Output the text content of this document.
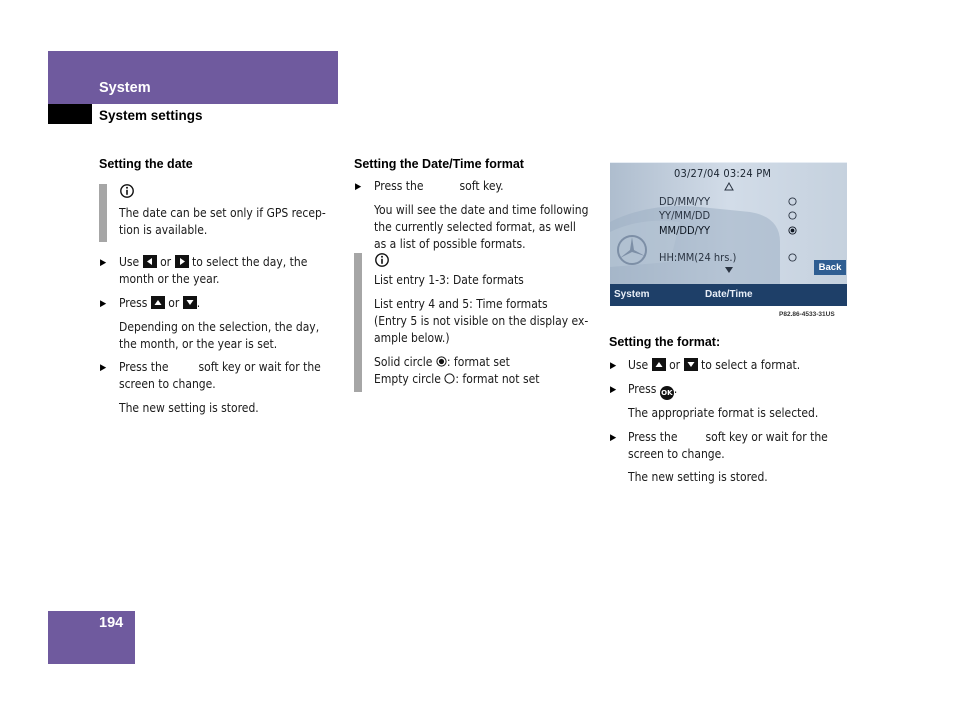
System
System settings
Setting the date
The date can be set only if GPS recep-
tion is available.
▶ Use or to select the day, the
month or the year.
▶ Press or .
Depending on the selection, the day,
the month, or the year is set.
▶ Press the	soft key or wait for the
screen to change.
The new setting is stored.
Setting the Date/Time format
▶ Press the	soft key.
You will see the date and time following
the currently selected format, as well
as a list of possible formats.
List entry 1-3: Date formats
List entry 4 and 5: Time formats
(Entry 5 is not visible on the display ex-
ample below.)
Solid circle : format set
Empty circle : format not set
03/27/04 03:24 PM
DD/MM/YY
YY/MM/DD
MM/DD/YY
HH:MM(24 hrs.)
Back
System	Date/Time
P82.86-4533-31US
Setting the format:
▶ Use or to select a format.
▶ Press OK.
The appropriate format is selected.
▶ Press the soft key or wait for the
screen to change.
The new setting is stored.
194
